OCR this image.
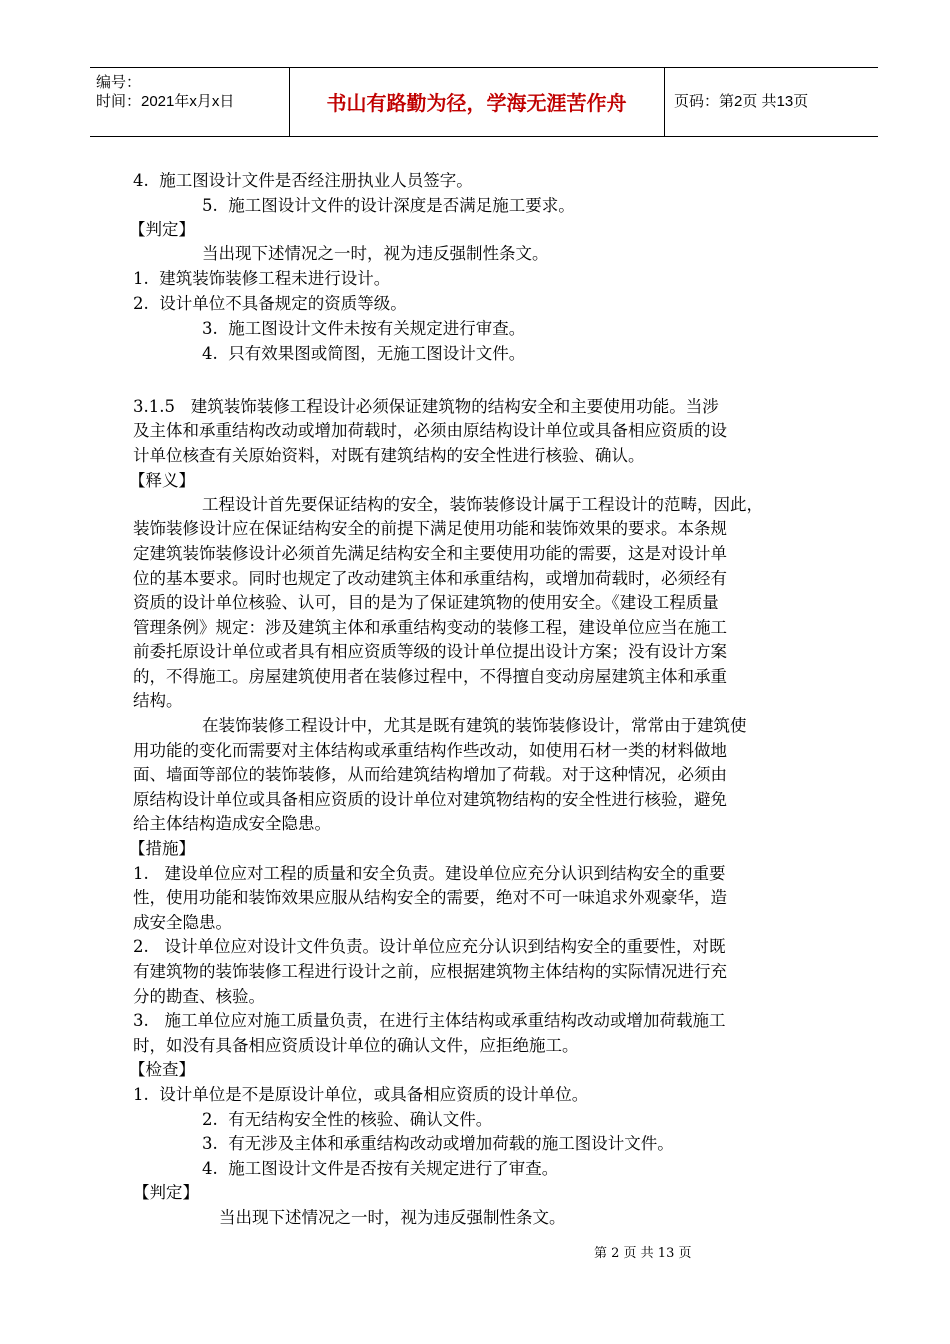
编号：
时间：2021年x月x日	书山有路勤为径，学海无涯苦作舟	页码：第2页 共13页
4.  施工图设计文件是否经注册执业人员签字。
5.  施工图设计文件的设计深度是否满足施工要求。
【判定】
当出现下述情况之一时，视为违反强制性条文。
1.  建筑装饰装修工程未进行设计。
2.  设计单位不具备规定的资质等级。
3.  施工图设计文件未按有关规定进行审查。
4.  只有效果图或简图，无施工图设计文件。
3.1.5   建筑装饰装修工程设计必须保证建筑物的结构安全和主要使用功能。当涉
及主体和承重结构改动或增加荷载时，必须由原结构设计单位或具备相应资质的设
计单位核查有关原始资料，对既有建筑结构的安全性进行核验、确认。
【释义】
工程设计首先要保证结构的安全，装饰装修设计属于工程设计的范畴，因此，
装饰装修设计应在保证结构安全的前提下满足使用功能和装饰效果的要求。本条规
定建筑装饰装修设计必须首先满足结构安全和主要使用功能的需要，这是对设计单
位的基本要求。同时也规定了改动建筑主体和承重结构，或增加荷载时，必须经有
资质的设计单位核验、认可，目的是为了保证建筑物的使用安全。《建设工程质量
管理条例》规定：涉及建筑主体和承重结构变动的装修工程，建设单位应当在施工
前委托原设计单位或者具有相应资质等级的设计单位提出设计方案；没有设计方案
的，不得施工。房屋建筑使用者在装修过程中，不得擅自变动房屋建筑主体和承重
结构。
在装饰装修工程设计中，尤其是既有建筑的装饰装修设计，常常由于建筑使
用功能的变化而需要对主体结构或承重结构作些改动，如使用石材一类的材料做地
面、墙面等部位的装饰装修，从而给建筑结构增加了荷载。对于这种情况，必须由
原结构设计单位或具备相应资质的设计单位对建筑物结构的安全性进行核验，避免
给主体结构造成安全隐患。
【措施】
1.   建设单位应对工程的质量和安全负责。建设单位应充分认识到结构安全的重要
性，使用功能和装饰效果应服从结构安全的需要，绝对不可一味追求外观豪华，造
成安全隐患。
2.   设计单位应对设计文件负责。设计单位应充分认识到结构安全的重要性，对既
有建筑物的装饰装修工程进行设计之前，应根据建筑物主体结构的实际情况进行充
分的勘查、核验。
3.   施工单位应对施工质量负责，在进行主体结构或承重结构改动或增加荷载施工
时，如没有具备相应资质设计单位的确认文件，应拒绝施工。
【检查】
1.  设计单位是不是原设计单位，或具备相应资质的设计单位。
2.  有无结构安全性的核验、确认文件。
3.  有无涉及主体和承重结构改动或增加荷载的施工图设计文件。
4.  施工图设计文件是否按有关规定进行了审查。
【判定】
当出现下述情况之一时，视为违反强制性条文。
第 2 页 共 13 页
